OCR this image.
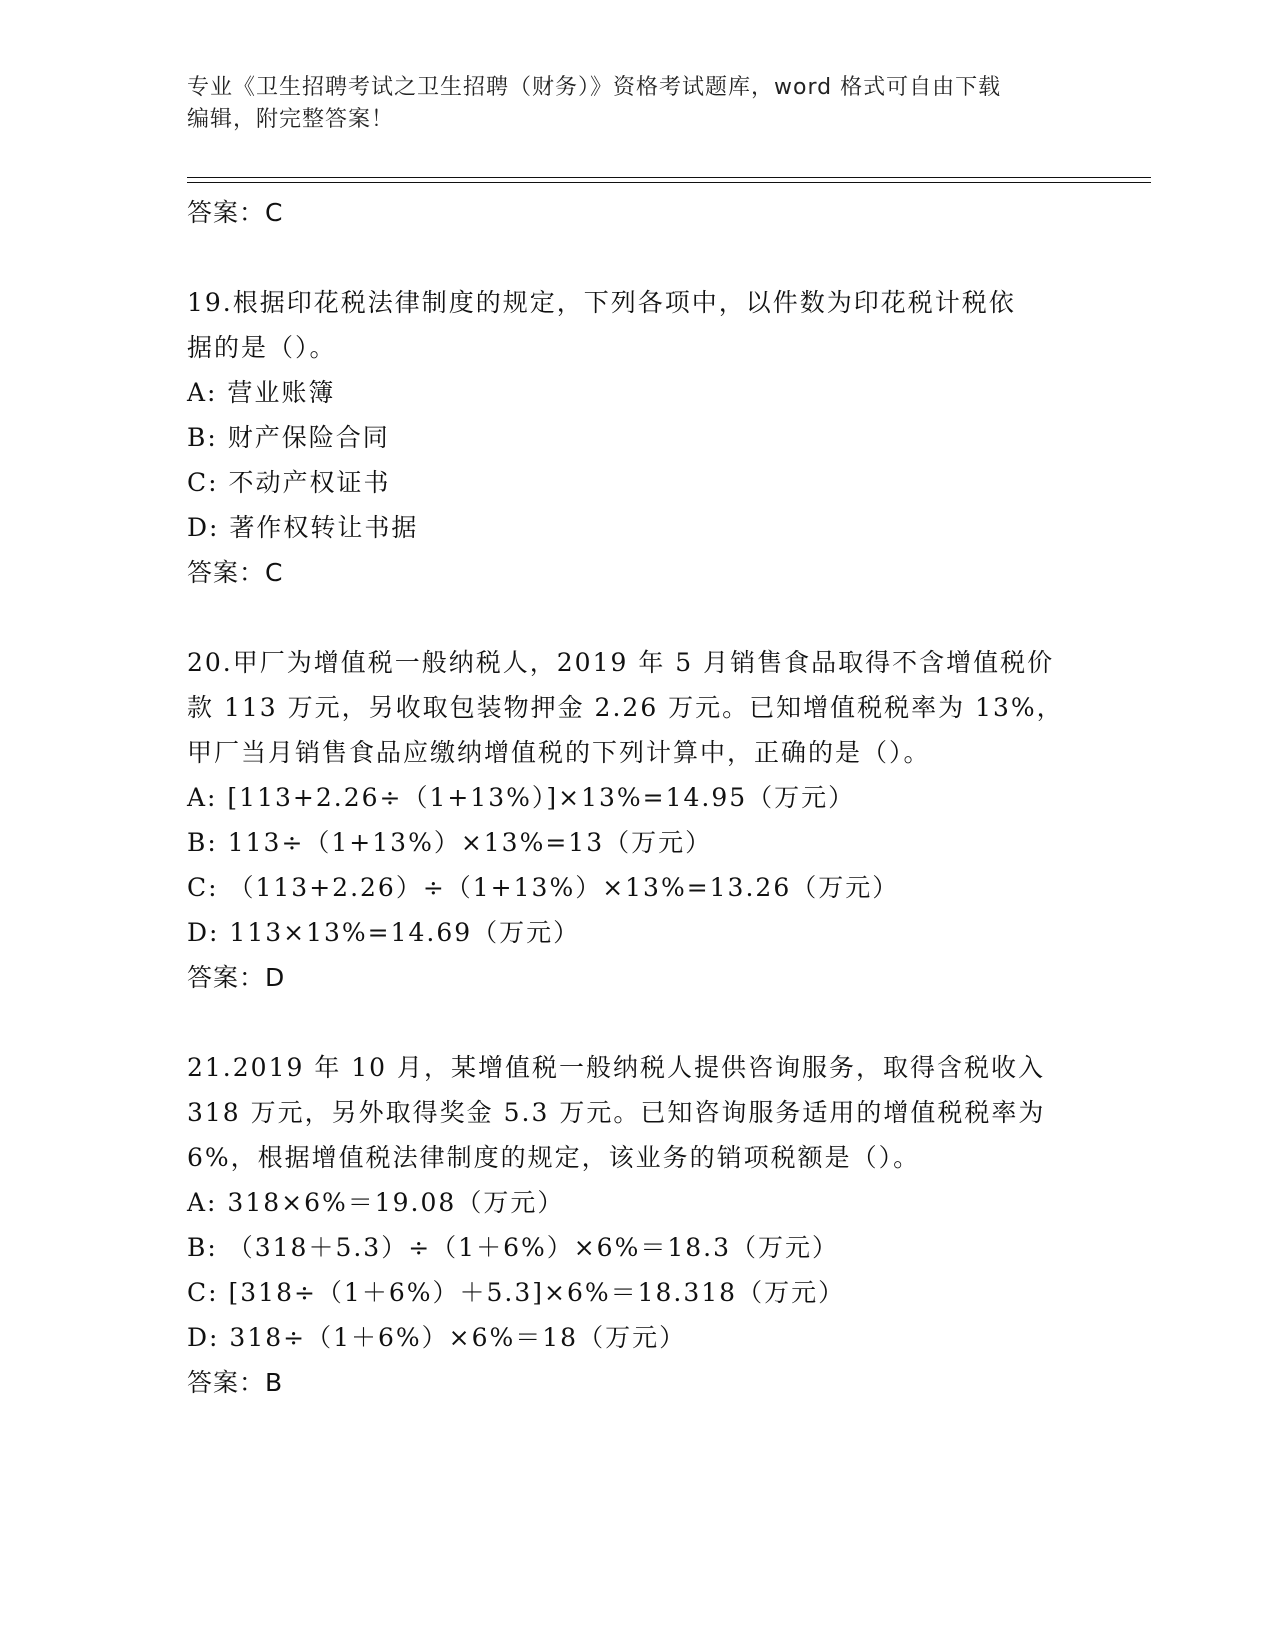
专业《卫生招聘考试之卫生招聘（财务）》资格考试题库，word 格式可自由下载

编辑，附完整答案！

答案：C

19.根据印花税法律制度的规定，下列各项中，以件数为印花税计税依

据的是（）。

A: 营业账簿

B: 财产保险合同

C: 不动产权证书

D: 著作权转让书据

答案：C

20.甲厂为增值税一般纳税人，2019 年 5 月销售食品取得不含增值税价

款 113 万元，另收取包装物押金 2.26 万元。已知增值税税率为 13%，

甲厂当月销售食品应缴纳增值税的下列计算中，正确的是（）。

A: [113+2.26÷（1+13%）]×13%=14.95（万元）

B: 113÷（1+13%）×13%=13（万元）

C: （113+2.26）÷（1+13%）×13%=13.26（万元）

D: 113×13%=14.69（万元）

答案：D

21.2019 年 10 月，某增值税一般纳税人提供咨询服务，取得含税收入

318 万元，另外取得奖金 5.3 万元。已知咨询服务适用的增值税税率为

6%，根据增值税法律制度的规定，该业务的销项税额是（）。

A: 318×6%＝19.08（万元）

B: （318＋5.3）÷（1＋6%）×6%＝18.3（万元）

C: [318÷（1＋6%）＋5.3]×6%＝18.318（万元）

D: 318÷（1＋6%）×6%＝18（万元）

答案：B
